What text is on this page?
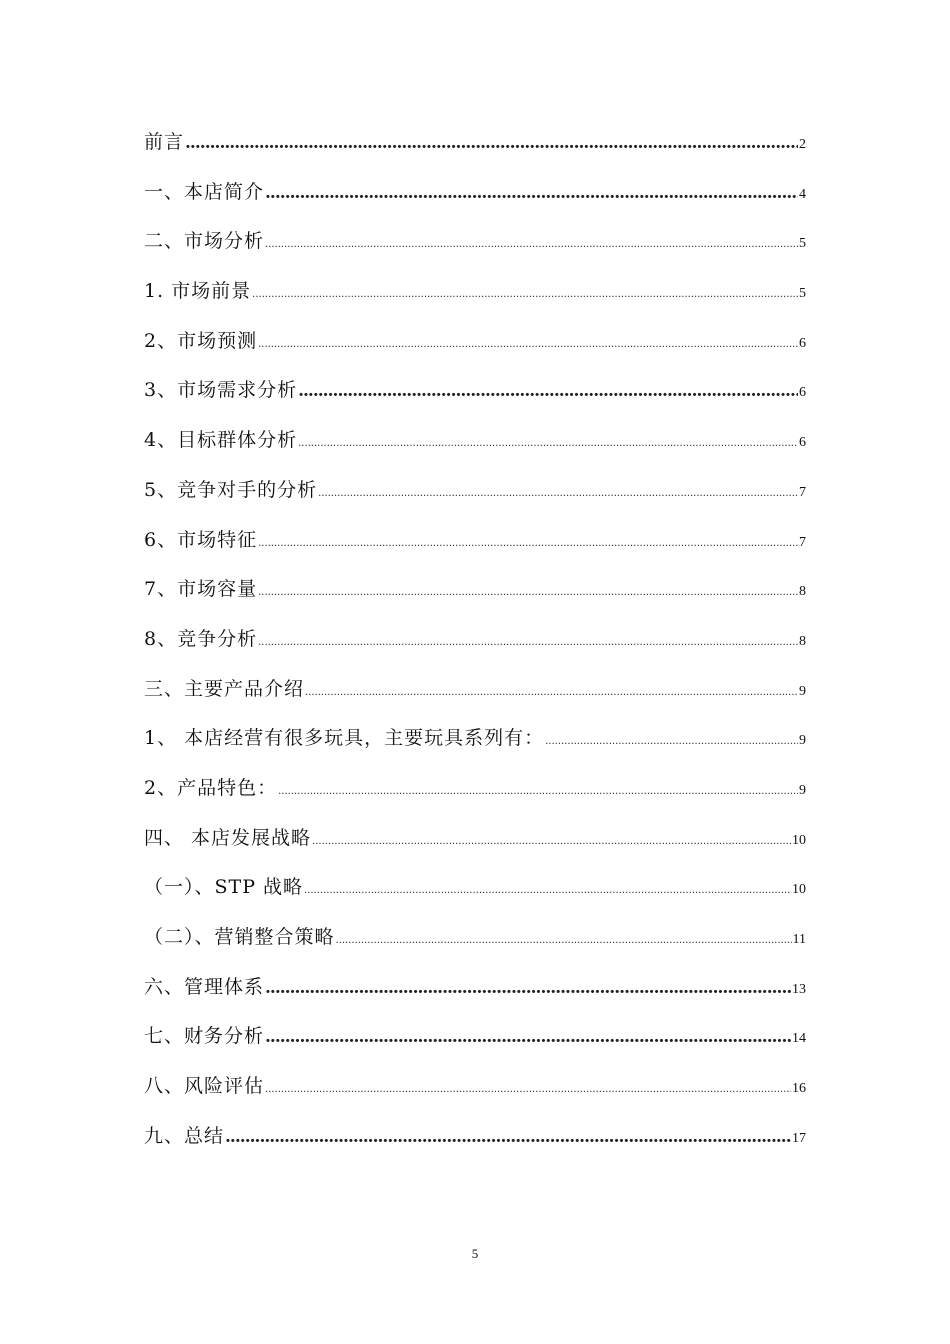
前言 .....	2
一、本店简介 .....	4
二、市场分析 .....	5
1. 市场前景 .....	5
2、市场预测 .....	6
3、市场需求分析 .....	6
4、目标群体分析 .....	6
5、竞争对手的分析 .....	7
6、市场特征 .....	7
7、市场容量 .....	8
8、竞争分析 .....	8
三、主要产品介绍 .....	9
1、 本店经营有很多玩具，主要玩具系列有： .....	9
2、产品特色： .....	9
四、 本店发展战略 .....	10
（一）、STP 战略 .....	10
（二）、营销整合策略 .....	11
六、管理体系 .....	13
七、财务分析 .....	14
八、风险评估 .....	16
九、总结 .....	17
5
